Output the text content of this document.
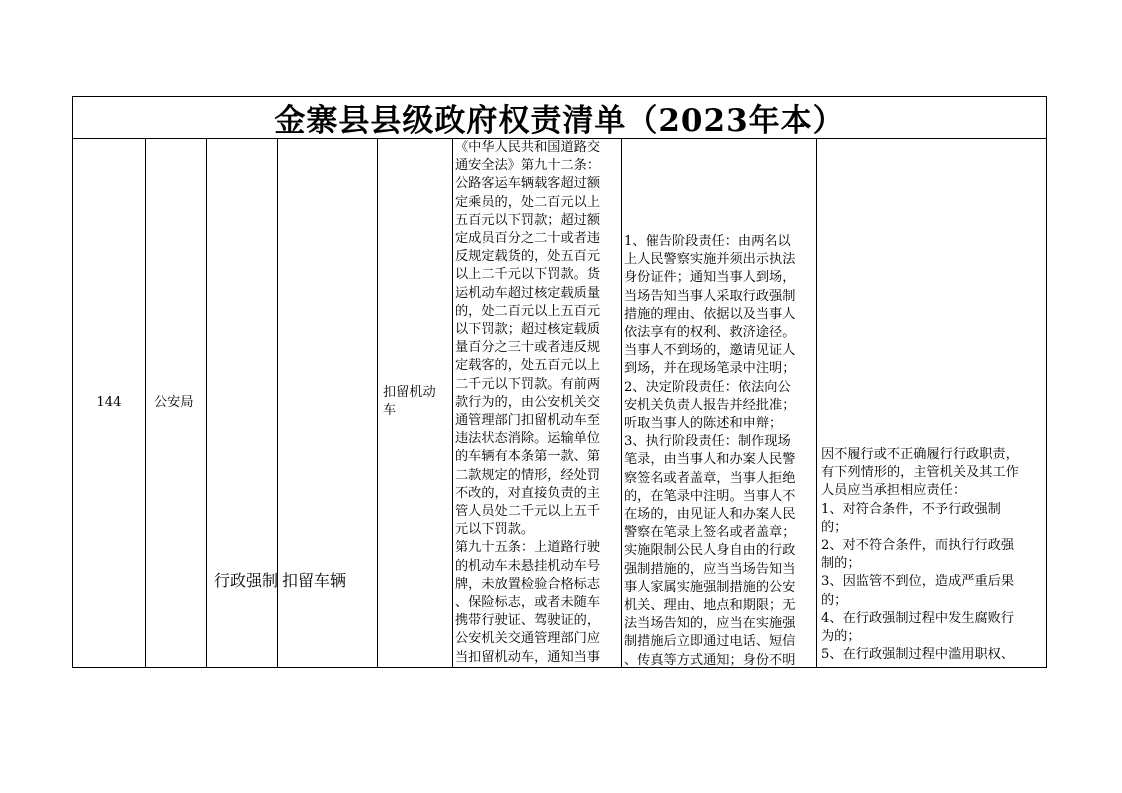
金寨县县级政府权责清单（2023年本）
144	公安局
行政强制 扣留车辆
扣留机动
车
《中华人民共和国道路交
通安全法》第九十二条：
公路客运车辆载客超过额
定乘员的，处二百元以上
五百元以下罚款；超过额
定成员百分之二十或者违
反规定载货的，处五百元
以上二千元以下罚款。货
运机动车超过核定载质量
的，处二百元以上五百元
以下罚款；超过核定载质
量百分之三十或者违反规
定载客的，处五百元以上
二千元以下罚款。有前两
款行为的，由公安机关交
通管理部门扣留机动车至
违法状态消除。运输单位
的车辆有本条第一款、第
二款规定的情形，经处罚
不改的，对直接负责的主
管人员处二千元以上五千
元以下罚款。
第九十五条：上道路行驶
的机动车未悬挂机动车号
牌，未放置检验合格标志
、保险标志，或者未随车
携带行驶证、驾驶证的，
公安机关交通管理部门应
当扣留机动车，通知当事
1、催告阶段责任：由两名以
上人民警察实施并须出示执法
身份证件；通知当事人到场，
当场告知当事人采取行政强制
措施的理由、依据以及当事人
依法享有的权利、救济途径。
当事人不到场的，邀请见证人
到场，并在现场笔录中注明；
2、决定阶段责任：依法向公
安机关负责人报告并经批准；
听取当事人的陈述和申辩；
3、执行阶段责任：制作现场
笔录，由当事人和办案人民警
察签名或者盖章，当事人拒绝
的，在笔录中注明。当事人不
在场的，由见证人和办案人民
警察在笔录上签名或者盖章；
实施限制公民人身自由的行政
强制措施的，应当当场告知当
事人家属实施强制措施的公安
机关、理由、地点和期限；无
法当场告知的，应当在实施强
制措施后立即通过电话、短信
、传真等方式通知；身份不明
因不履行或不正确履行行政职责，
有下列情形的，主管机关及其工作
人员应当承担相应责任：
1、对符合条件，不予行政强制
的；
2、对不符合条件，而执行行政强
制的；
3、因监管不到位，造成严重后果
的；
4、在行政强制过程中发生腐败行
为的；
5、在行政强制过程中滥用职权、
